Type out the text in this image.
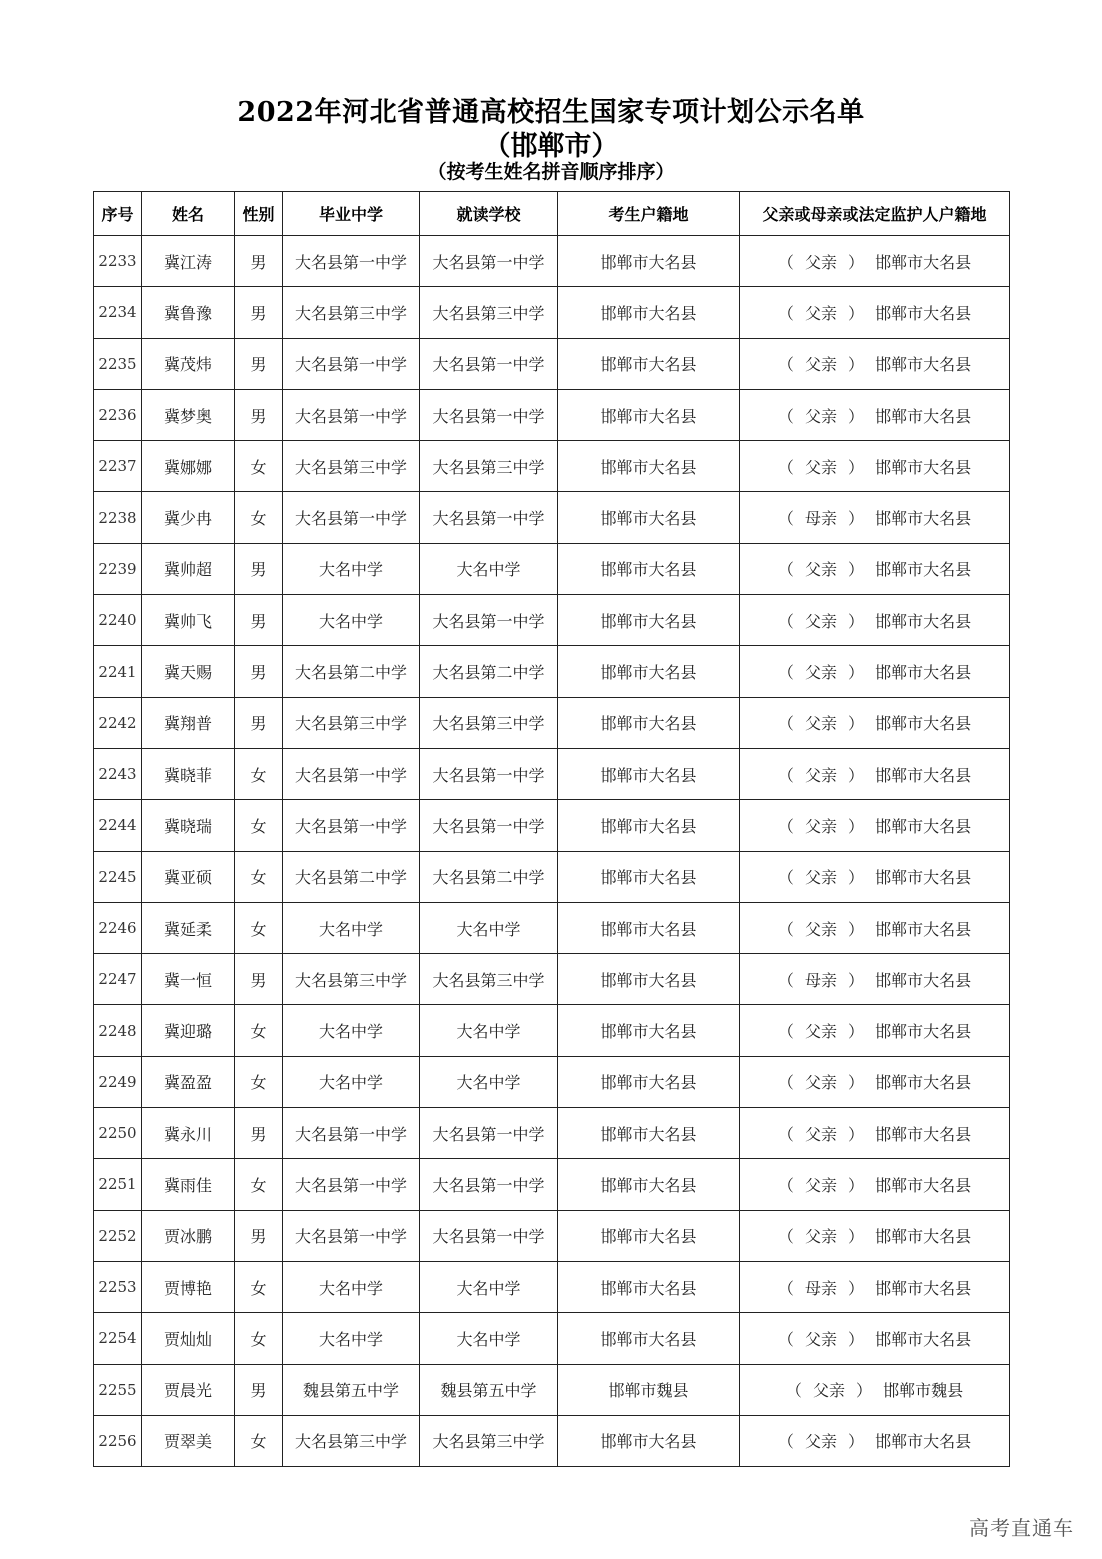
2022年河北省普通高校招生国家专项计划公示名单
（邯郸市）
（按考生姓名拼音顺序排序）
序号	姓名	性别	毕业中学	就读学校	考生户籍地	父亲或母亲或法定监护人户籍地
2233	冀江涛	男	大名县第一中学	大名县第一中学	邯郸市大名县	（ 父亲 ） 邯郸市大名县
2234	冀鲁豫	男	大名县第三中学	大名县第三中学	邯郸市大名县	（ 父亲 ） 邯郸市大名县
2235	冀茂炜	男	大名县第一中学	大名县第一中学	邯郸市大名县	（ 父亲 ） 邯郸市大名县
2236	冀梦奥	男	大名县第一中学	大名县第一中学	邯郸市大名县	（ 父亲 ） 邯郸市大名县
2237	冀娜娜	女	大名县第三中学	大名县第三中学	邯郸市大名县	（ 父亲 ） 邯郸市大名县
2238	冀少冉	女	大名县第一中学	大名县第一中学	邯郸市大名县	（ 母亲 ） 邯郸市大名县
2239	冀帅超	男	大名中学	大名中学	邯郸市大名县	（ 父亲 ） 邯郸市大名县
2240	冀帅飞	男	大名中学	大名县第一中学	邯郸市大名县	（ 父亲 ） 邯郸市大名县
2241	冀天赐	男	大名县第二中学	大名县第二中学	邯郸市大名县	（ 父亲 ） 邯郸市大名县
2242	冀翔普	男	大名县第三中学	大名县第三中学	邯郸市大名县	（ 父亲 ） 邯郸市大名县
2243	冀晓菲	女	大名县第一中学	大名县第一中学	邯郸市大名县	（ 父亲 ） 邯郸市大名县
2244	冀晓瑞	女	大名县第一中学	大名县第一中学	邯郸市大名县	（ 父亲 ） 邯郸市大名县
2245	冀亚硕	女	大名县第二中学	大名县第二中学	邯郸市大名县	（ 父亲 ） 邯郸市大名县
2246	冀延柔	女	大名中学	大名中学	邯郸市大名县	（ 父亲 ） 邯郸市大名县
2247	冀一恒	男	大名县第三中学	大名县第三中学	邯郸市大名县	（ 母亲 ） 邯郸市大名县
2248	冀迎璐	女	大名中学	大名中学	邯郸市大名县	（ 父亲 ） 邯郸市大名县
2249	冀盈盈	女	大名中学	大名中学	邯郸市大名县	（ 父亲 ） 邯郸市大名县
2250	冀永川	男	大名县第一中学	大名县第一中学	邯郸市大名县	（ 父亲 ） 邯郸市大名县
2251	冀雨佳	女	大名县第一中学	大名县第一中学	邯郸市大名县	（ 父亲 ） 邯郸市大名县
2252	贾冰鹏	男	大名县第一中学	大名县第一中学	邯郸市大名县	（ 父亲 ） 邯郸市大名县
2253	贾博艳	女	大名中学	大名中学	邯郸市大名县	（ 母亲 ） 邯郸市大名县
2254	贾灿灿	女	大名中学	大名中学	邯郸市大名县	（ 父亲 ） 邯郸市大名县
2255	贾晨光	男	魏县第五中学	魏县第五中学	邯郸市魏县	（ 父亲 ） 邯郸市魏县
2256	贾翠美	女	大名县第三中学	大名县第三中学	邯郸市大名县	（ 父亲 ） 邯郸市大名县
高考直通车
